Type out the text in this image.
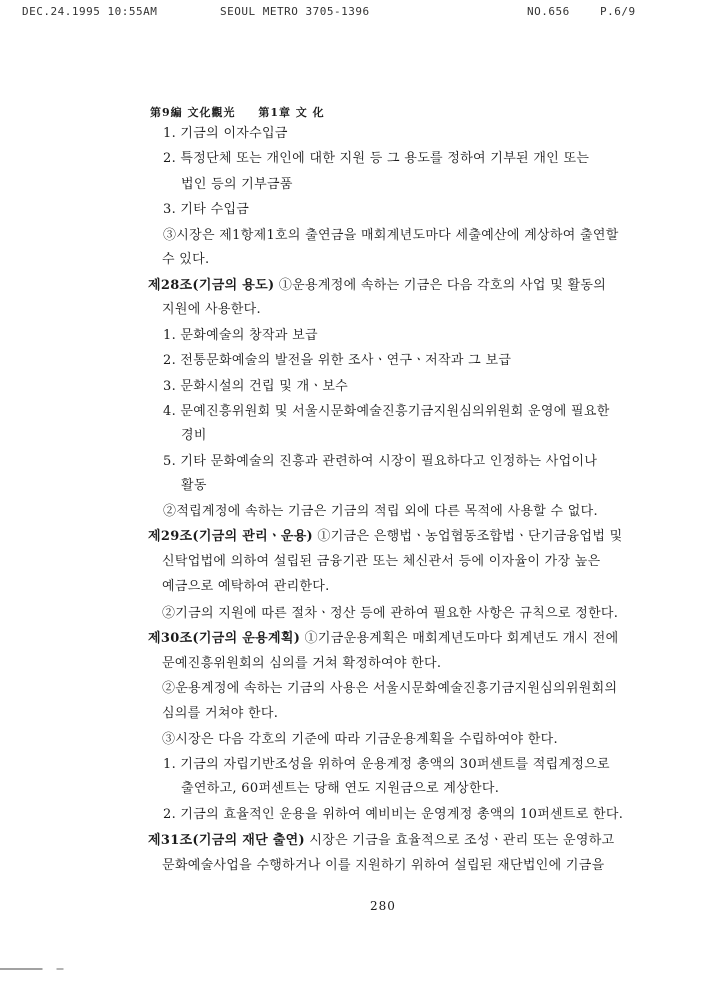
DEC.24.1995 10:55AM	SEOUL METRO 3705-1396	NO.656	P.6/9
第9編 文化觀光 第1章 文 化
1. 기금의 이자수입금
2. 특정단체 또는 개인에 대한 지원 등 그 용도를 정하여 기부된 개인 또는
법인 등의 기부금품
3. 기타 수입금
③시장은 제1항제1호의 출연금을 매회계년도마다 세출예산에 계상하여 출연할
수 있다.
제28조(기금의 용도) ①운용계정에 속하는 기금은 다음 각호의 사업 및 활동의
지원에 사용한다.
1. 문화예술의 창작과 보급
2. 전통문화예술의 발전을 위한 조사ㆍ연구ㆍ저작과 그 보급
3. 문화시설의 건립 및 개ㆍ보수
4. 문예진흥위원회 및 서울시문화예술진흥기금지원심의위원회 운영에 필요한
경비
5. 기타 문화예술의 진흥과 관련하여 시장이 필요하다고 인정하는 사업이나
활동
②적립계정에 속하는 기금은 기금의 적립 외에 다른 목적에 사용할 수 없다.
제29조(기금의 관리ㆍ운용) ①기금은 은행법ㆍ농업협동조합법ㆍ단기금융업법 및
신탁업법에 의하여 설립된 금융기관 또는 체신관서 등에 이자율이 가장 높은
예금으로 예탁하여 관리한다.
②기금의 지원에 따른 절차ㆍ정산 등에 관하여 필요한 사항은 규칙으로 정한다.
제30조(기금의 운용계획) ①기금운용계획은 매회계년도마다 회계년도 개시 전에
문예진흥위원회의 심의를 거쳐 확정하여야 한다.
②운용계정에 속하는 기금의 사용은 서울시문화예술진흥기금지원심의위원회의
심의를 거쳐야 한다.
③시장은 다음 각호의 기준에 따라 기금운용계획을 수립하여야 한다.
1. 기금의 자립기반조성을 위하여 운용계정 총액의 30퍼센트를 적립계정으로
출연하고, 60퍼센트는 당해 연도 지원금으로 계상한다.
2. 기금의 효율적인 운용을 위하여 예비비는 운영계정 총액의 10퍼센트로 한다.
제31조(기금의 재단 출연) 시장은 기금을 효율적으로 조성ㆍ관리 또는 운영하고
문화예술사업을 수행하거나 이를 지원하기 위하여 설립된 재단법인에 기금을
280
